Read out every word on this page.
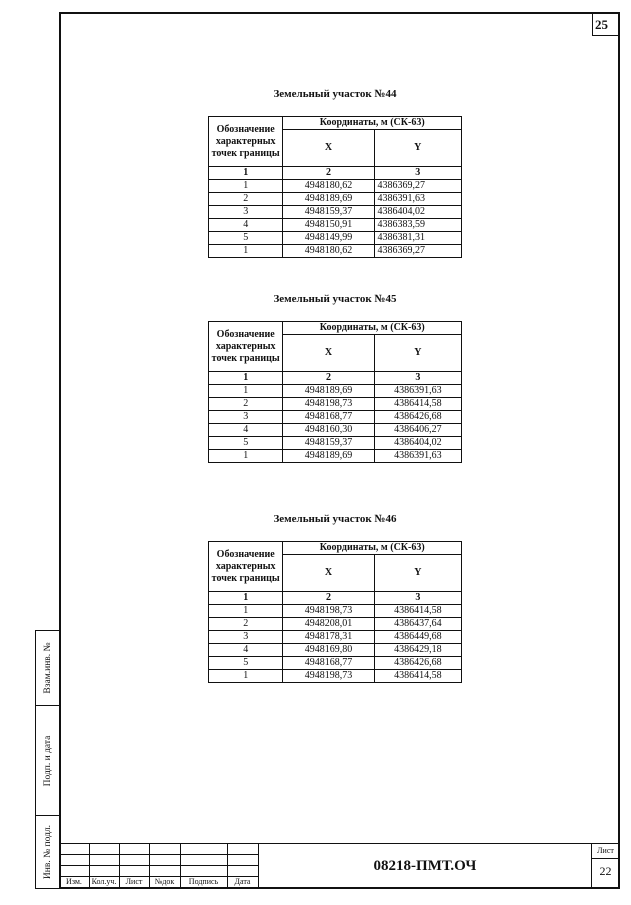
25
Взам.инв. №
Подп. и дата
Инв. № подл.
Земельный участок №44
Обозначение характерных точек границы	Координаты, м (СК-63)	
	X	Y
1	2	3
1	4948180,62	4386369,27
2	4948189,69	4386391,63
3	4948159,37	4386404,02
4	4948150,91	4386383,59
5	4948149,99	4386381,31
1	4948180,62	4386369,27
Земельный участок №45
Обозначение характерных точек границы	Координаты, м (СК-63)	
	X	Y
1	2	3
1	4948189,69	4386391,63
2	4948198,73	4386414,58
3	4948168,77	4386426,68
4	4948160,30	4386406,27
5	4948159,37	4386404,02
1	4948189,69	4386391,63
Земельный участок №46
Обозначение характерных точек границы	Координаты, м (СК-63)	
	X	Y
1	2	3
1	4948198,73	4386414,58
2	4948208,01	4386437,64
3	4948178,31	4386449,68
4	4948169,80	4386429,18
5	4948168,77	4386426,68
1	4948198,73	4386414,58
Изм.	Кол.уч.	Лист	№док	Подпись	Дата
08218-ПМТ.ОЧ
Лист
22
